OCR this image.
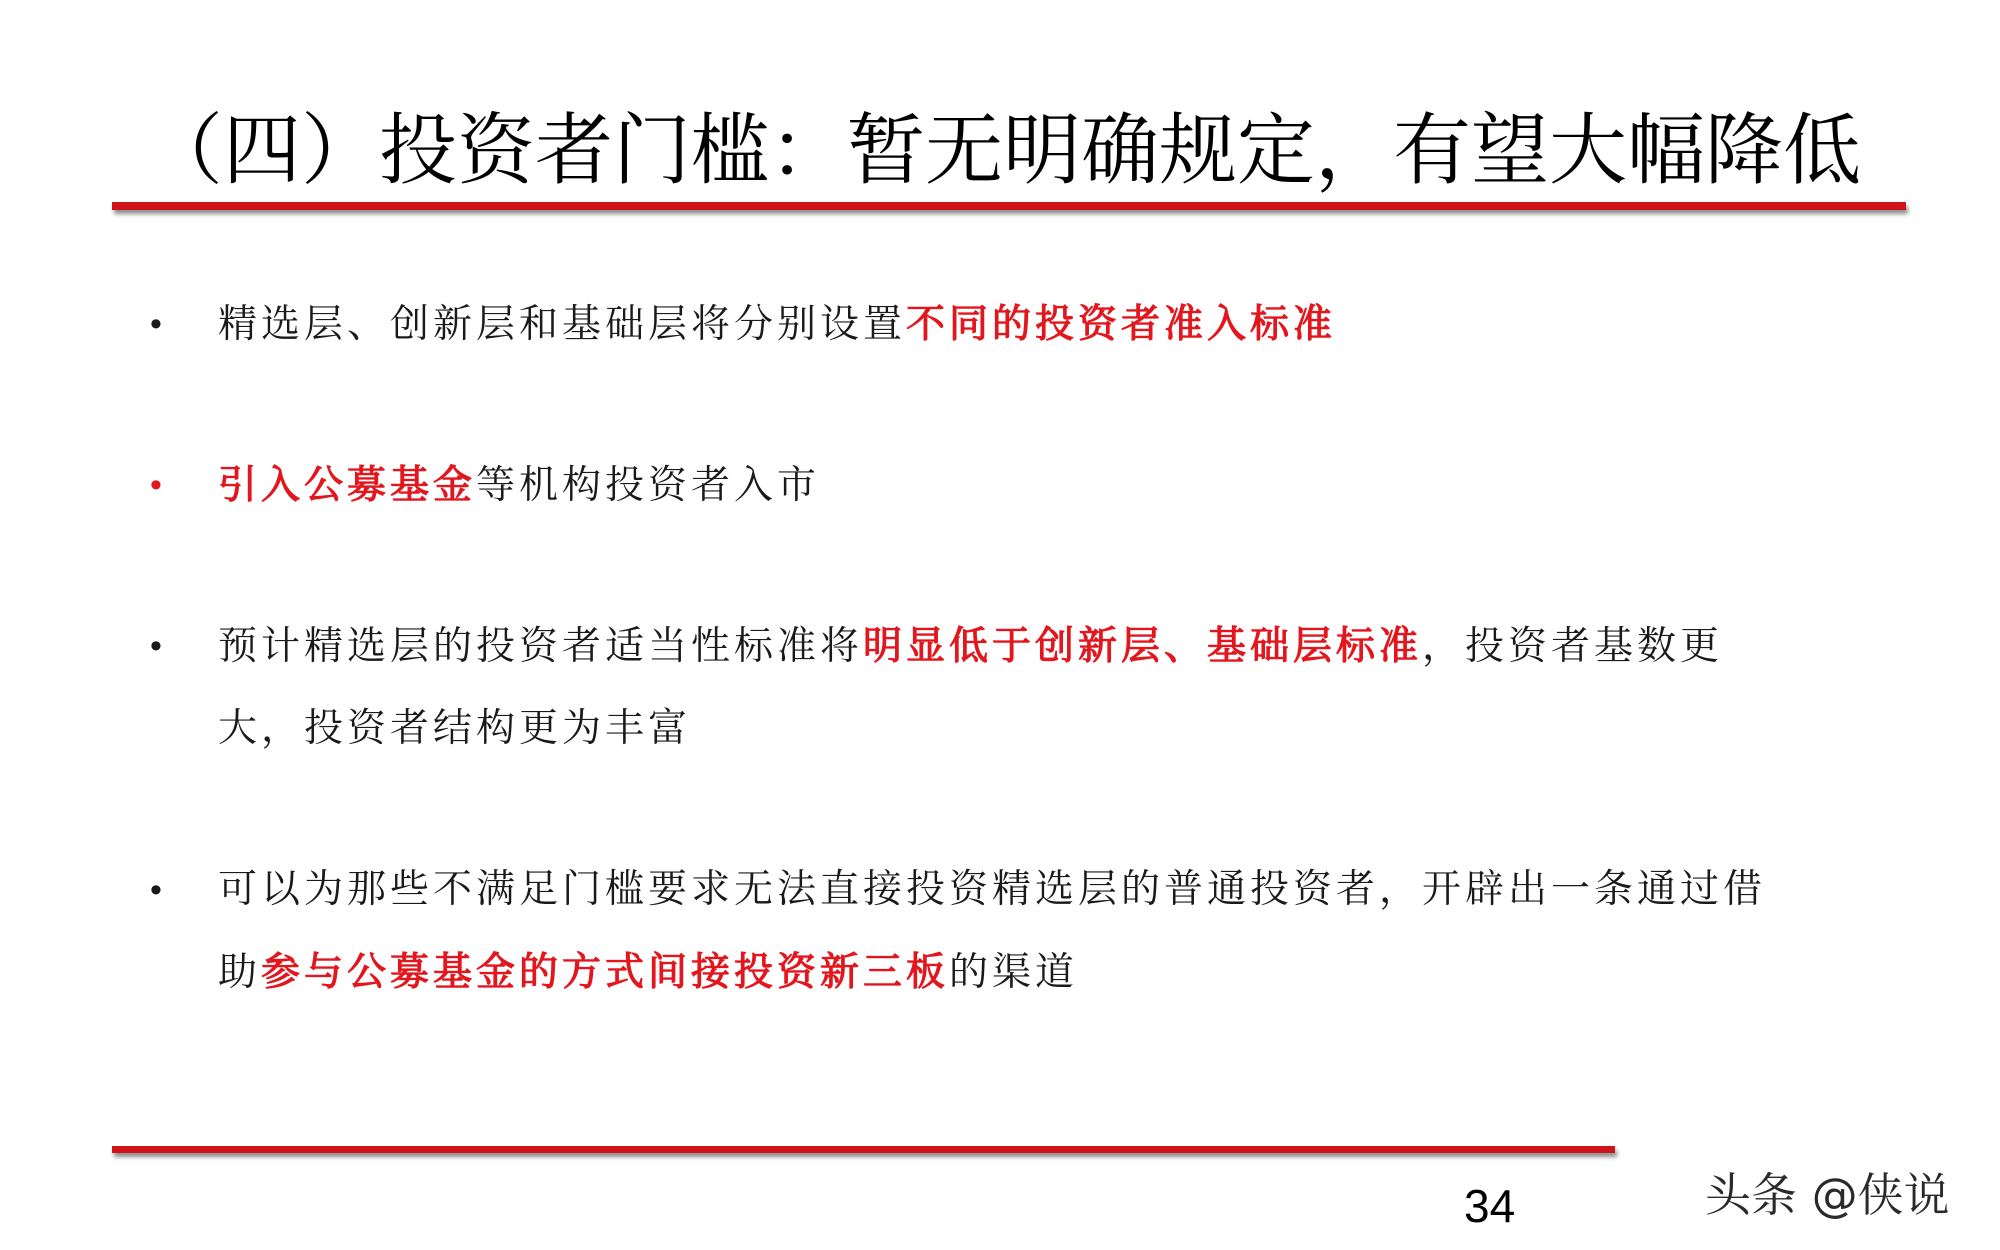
（四）投资者门槛：暂无明确规定，有望大幅降低
•	精选层、创新层和基础层将分别设置不同的投资者准入标准
•	引入公募基金等机构投资者入市
•	预计精选层的投资者适当性标准将明显低于创新层、基础层标准，投资者基数更大，投资者结构更为丰富
•	可以为那些不满足门槛要求无法直接投资精选层的普通投资者，开辟出一条通过借助参与公募基金的方式间接投资新三板的渠道
34	头条 @侠说
